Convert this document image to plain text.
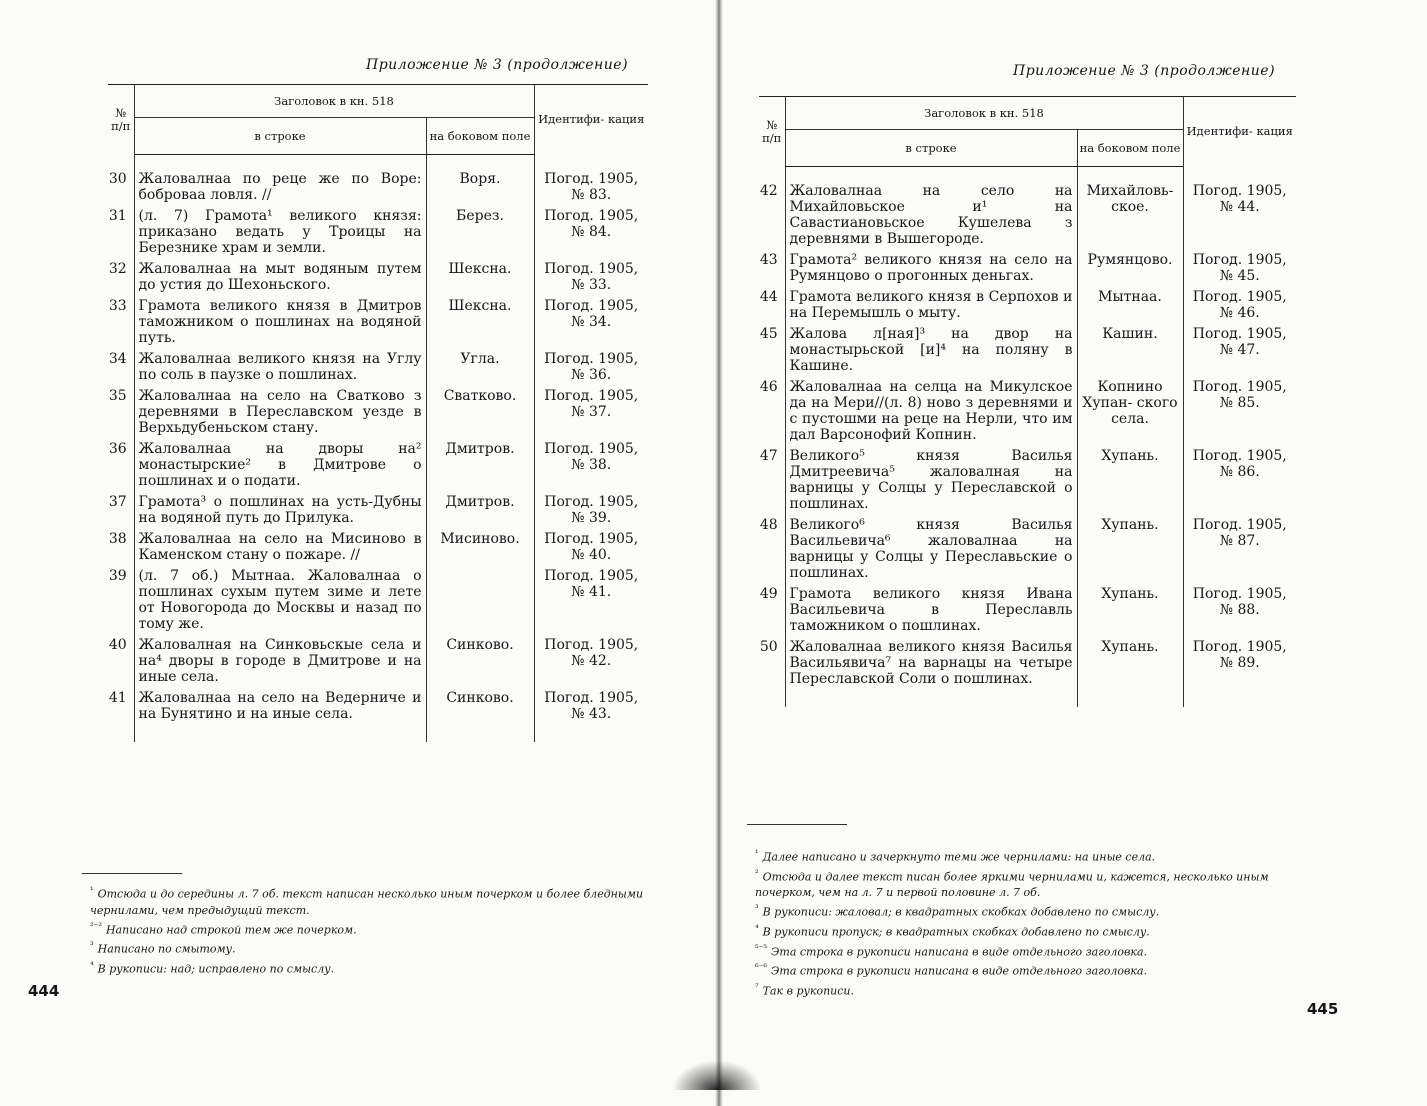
Приложение № 3 (продолжение)
№ п/п	Заголовок в кн. 518		Идентифи- кация
	в строке	на боковом поле	
30	Жаловалнаа по реце же по Воре: боброваа ловля. //	Воря.	Погод. 1905, № 83.
31	(л. 7) Грамота¹ великого князя: приказано ведать у Троицы на Березнике храм и земли.	Берез.	Погод. 1905, № 84.
32	Жаловалнаа на мыт водяным путем до устия до Шехоньского.	Шексна.	Погод. 1905, № 33.
33	Грамота великого князя в Дмитров таможником о пошлинах на водяной путь.	Шексна.	Погод. 1905, № 34.
34	Жаловалнаа великого князя на Углу по соль в паузке о пошлинах.	Угла.	Погод. 1905, № 36.
35	Жаловалнаа на село на Сватково з деревнями в Переславском уезде в Верхьдубеньском стану.	Сватково.	Погод. 1905, № 37.
36	Жаловалнаа на дворы на² монастырские² в Дмитрове о пошлинах и о подати.	Дмитров.	Погод. 1905, № 38.
37	Грамота³ о пошлинах на усть-Дубны на водяной путь до Прилука.	Дмитров.	Погод. 1905, № 39.
38	Жаловалнаа на село на Мисиново в Каменском стану о пожаре. //	Мисиново.	Погод. 1905, № 40.
39	(л. 7 об.) Мытнаа. Жаловалнаа о пошлинах сухым путем зиме и лете от Новогорода до Москвы и назад по тому же.		Погод. 1905, № 41.
40	Жаловалная на Синковьскые села и на⁴ дворы в городе в Дмитрове и на иные села.	Синково.	Погод. 1905, № 42.
41	Жаловалнаа на село на Ведерниче и на Бунятино и на иные села.	Синково.	Погод. 1905, № 43.

$^{^1}$ Отсюда и до середины л. 7 об. текст написан несколько иным почерком и более бледными чернилами, чем предыдущий текст.

$^{^{2-2}}$ Написано над строкой тем же почерком.

$^{^3}$ Написано по смытому.

$^{^4}$ В рукописи: над; исправлено по смыслу.

444
Приложение № 3 (продолжение)
№ п/п	Заголовок в кн. 518		Идентифи- кация
	в строке	на боковом поле	
42	Жаловалнаа на село на Михайловьское и¹ на Савастиановьское Кушелева з деревнями в Вышегороде.	Михайловь- ское.	Погод. 1905, № 44.
43	Грамота² великого князя на село на Румянцово о прогонных деньгах.	Румянцово.	Погод. 1905, № 45.
44	Грамота великого князя в Серпохов и на Перемышль о мыту.	Мытнаа.	Погод. 1905, № 46.
45	Жалова л[ная]³ на двор на монастырьской [и]⁴ на поляну в Кашине.	Кашин.	Погод. 1905, № 47.
46	Жаловалнаа на селца на Микулское да на Мери//(л. 8) ново з деревнями и с пустошми на реце на Нерли, что им дал Варсонофий Копнин.	Копнино Хупан- ского села.	Погод. 1905, № 85.
47	Великого⁵ князя Василья Дмитреевича⁵ жаловалная на варницы у Солцы у Переславской о пошлинах.	Хупань.	Погод. 1905, № 86.
48	Великого⁶ князя Василья Васильевича⁶ жаловалнаа на варницы у Солцы у Переславьские о пошлинах.	Хупань.	Погод. 1905, № 87.
49	Грамота великого князя Ивана Васильевича в Переславль таможником о пошлинах.	Хупань.	Погод. 1905, № 88.
50	Жаловалнаа великого князя Василья Васильявича⁷ на варнацы на четыре Переславской Соли о пошлинах.	Хупань.	Погод. 1905, № 89.

$^{^1}$ Далее написано и зачеркнуто теми же чернилами: на иные села.

$^{^2}$ Отсюда и далее текст писан более яркими чернилами и, кажется, несколько иным почерком, чем на л. 7 и первой половине л. 7 об.

$^{^3}$ В рукописи: жаловал; в квадратных скобках добавлено по смыслу.

$^{^4}$ В рукописи пропуск; в квадратных скобках добавлено по смыслу.

$^{^{5-5}}$ Эта строка в рукописи написана в виде отдельного заголовка.

$^{^{6-6}}$ Эта строка в рукописи написана в виде отдельного заголовка.

$^{^7}$ Так в рукописи.

445
